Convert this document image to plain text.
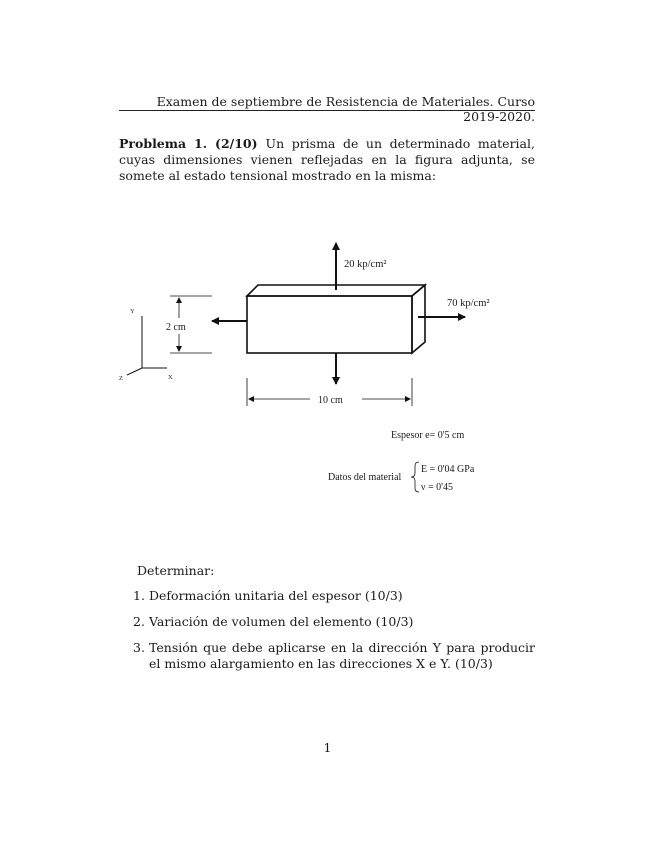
Examen de septiembre de Resistencia de Materiales. Curso 2019-2020.
Problema 1. (2/10) Un prisma de un determinado material, cuyas dimensiones vienen reflejadas en la figura adjunta, se somete al estado tensional mostrado en la misma:
20 kp/cm²
70 kp/cm²
2 cm
10 cm
Y
Z	X
Espesor e= 0'5 cm
Datos del material
E = 0'04 GPa
ν = 0'45
Determinar:
1. Deformación unitaria del espesor (10/3)
2. Variación de volumen del elemento (10/3)
3. Tensión que debe aplicarse en la dirección Y para producir el mismo alargamiento en las direcciones X e Y. (10/3)
1
